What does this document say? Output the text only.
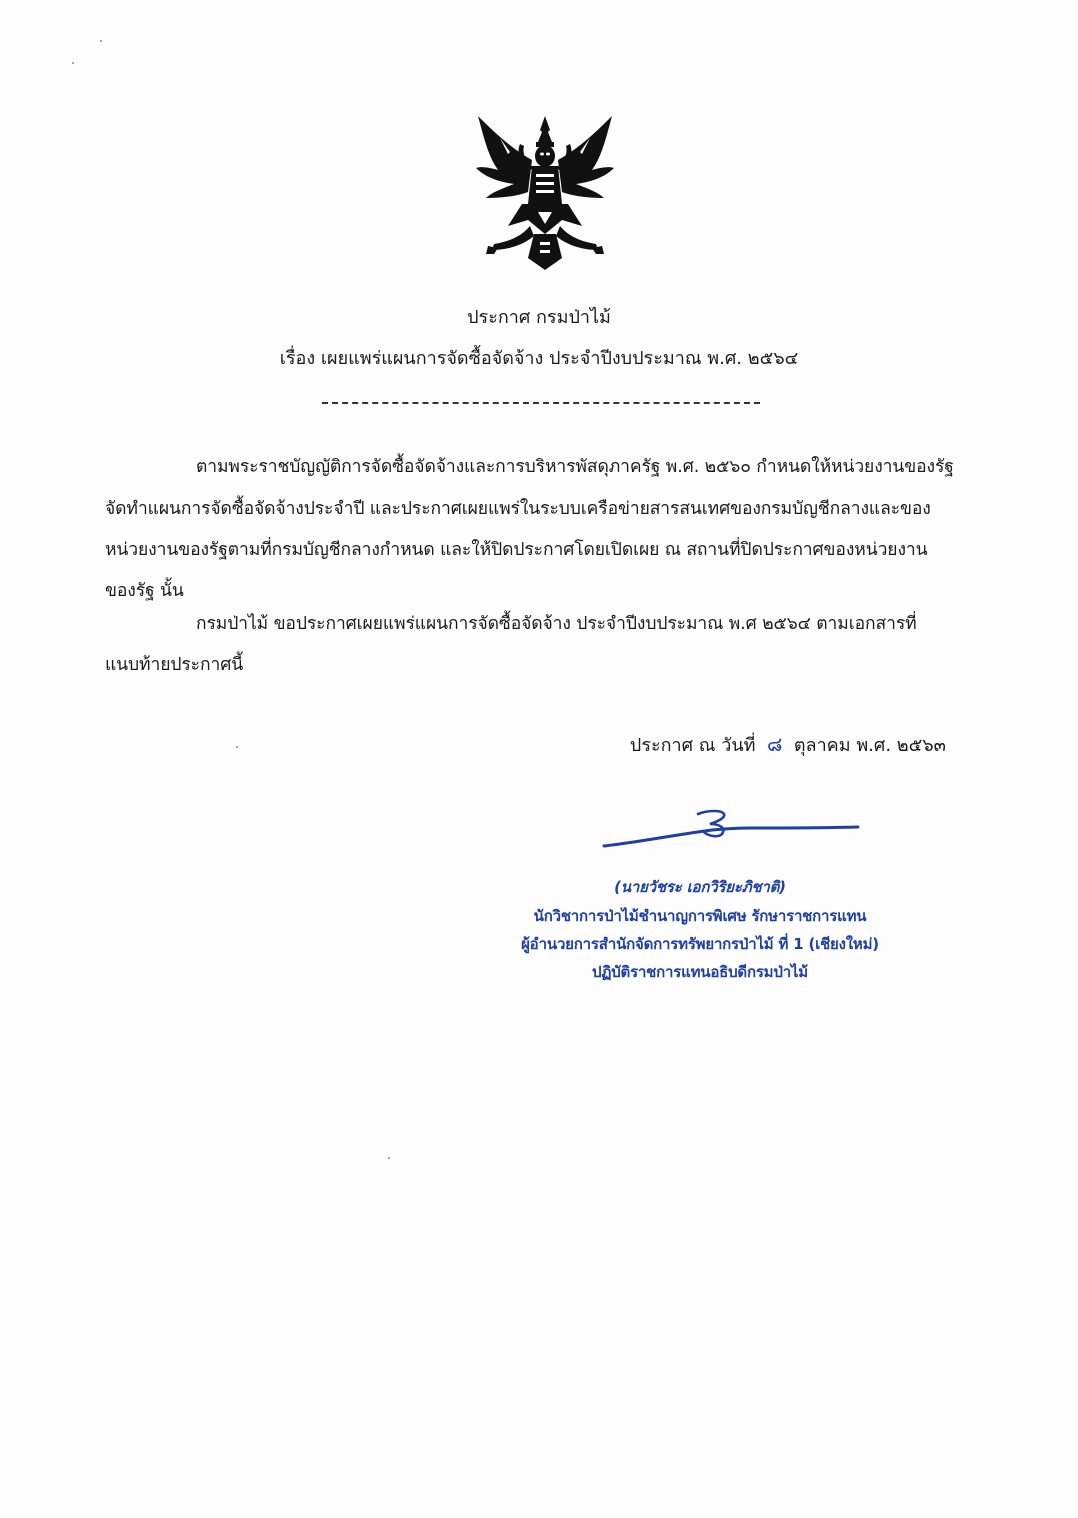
ประกาศ กรมป่าไม้
เรื่อง เผยแพร่แผนการจัดซื้อจัดจ้าง ประจำปีงบประมาณ พ.ศ. ๒๕๖๔
ตามพระราชบัญญัติการจัดซื้อจัดจ้างและการบริหารพัสดุภาครัฐ พ.ศ. ๒๕๖๐ กำหนดให้หน่วยงานของรัฐ
จัดทำแผนการจัดซื้อจัดจ้างประจำปี และประกาศเผยแพร่ในระบบเครือข่ายสารสนเทศของกรมบัญชีกลางและของ
หน่วยงานของรัฐตามที่กรมบัญชีกลางกำหนด และให้ปิดประกาศโดยเปิดเผย ณ สถานที่ปิดประกาศของหน่วยงาน
ของรัฐ นั้น
กรมป่าไม้ ขอประกาศเผยแพร่แผนการจัดซื้อจัดจ้าง ประจำปีงบประมาณ พ.ศ ๒๕๖๔ ตามเอกสารที่
แนบท้ายประกาศนี้
ประกาศ ณ วันที่ ๘ ตุลาคม พ.ศ. ๒๕๖๓
(นายวัชระ เอกวิริยะภิชาติ)
นักวิชาการป่าไม้ชำนาญการพิเศษ รักษาราชการแทน
ผู้อำนวยการสำนักจัดการทรัพยากรป่าไม้ ที่ 1 (เชียงใหม่)
ปฏิบัติราชการแทนอธิบดีกรมป่าไม้
